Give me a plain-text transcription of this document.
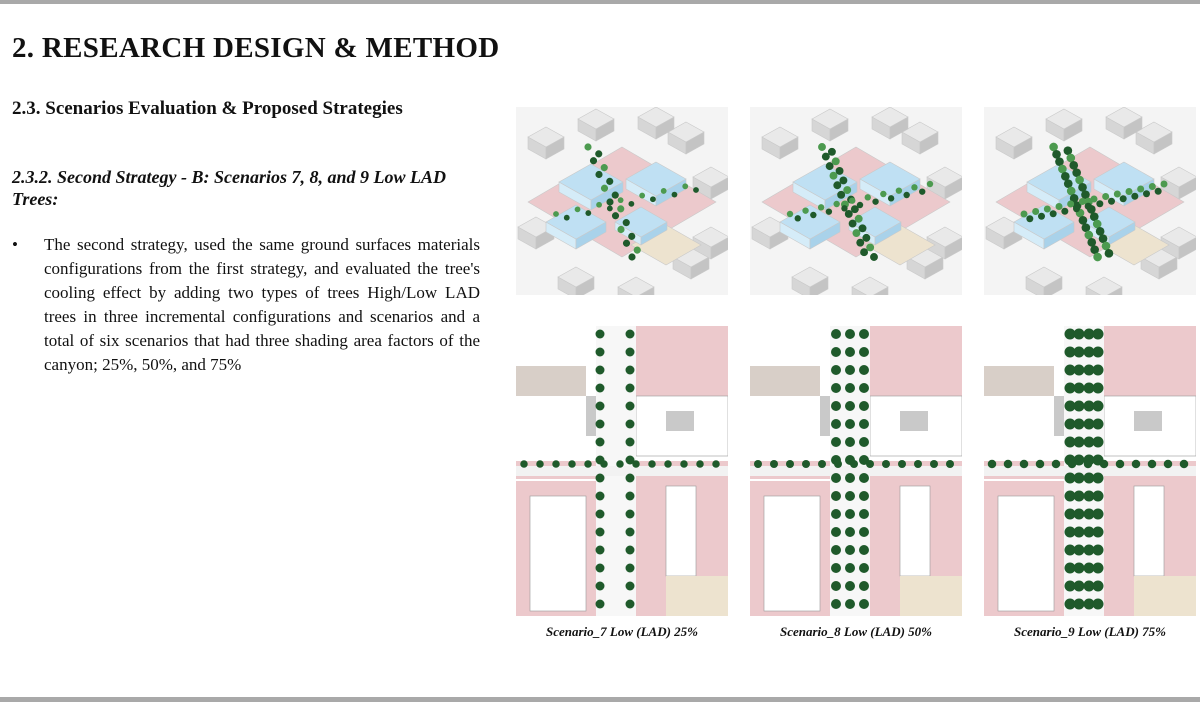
2. RESEARCH DESIGN & METHOD
2.3. Scenarios Evaluation & Proposed Strategies
2.3.2. Second Strategy - B: Scenarios 7, 8, and 9 Low LAD Trees:
•	The second strategy, used the same ground surfaces materials configurations from the first strategy, and evaluated the tree's cooling effect by adding two types of trees High/Low LAD trees in three incremental configurations and scenarios and a total of six scenarios that had three shading area factors of the canyon; 25%, 50%, and 75%
Scenario_7 Low (LAD) 25%	Scenario_8 Low (LAD) 50%	Scenario_9 Low (LAD) 75%
